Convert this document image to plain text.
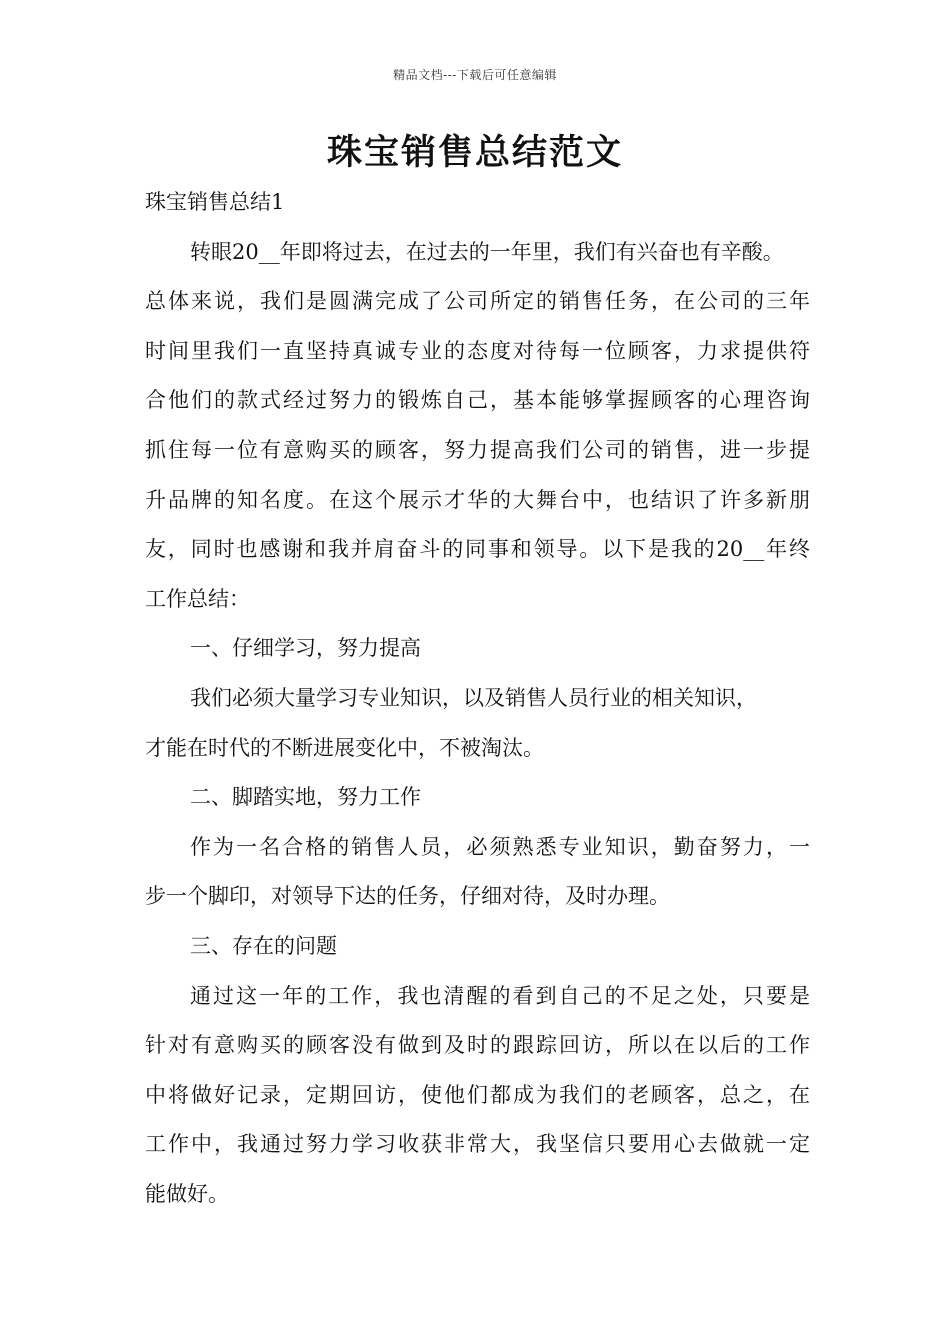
精品文档---下载后可任意编辑
珠宝销售总结范文
珠宝销售总结1
转眼20__年即将过去，在过去的一年里，我们有兴奋也有辛酸。
总体来说，我们是圆满完成了公司所定的销售任务，在公司的三年
时间里我们一直坚持真诚专业的态度对待每一位顾客，力求提供符
合他们的款式经过努力的锻炼自己，基本能够掌握顾客的心理咨询
抓住每一位有意购买的顾客，努力提高我们公司的销售，进一步提
升品牌的知名度。在这个展示才华的大舞台中，也结识了许多新朋
友，同时也感谢和我并肩奋斗的同事和领导。以下是我的20__年终
工作总结：
一、仔细学习，努力提高
我们必须大量学习专业知识，以及销售人员行业的相关知识，
才能在时代的不断进展变化中，不被淘汰。
二、脚踏实地，努力工作
作为一名合格的销售人员，必须熟悉专业知识，勤奋努力，一
步一个脚印，对领导下达的任务，仔细对待，及时办理。
三、存在的问题
通过这一年的工作，我也清醒的看到自己的不足之处，只要是
针对有意购买的顾客没有做到及时的跟踪回访，所以在以后的工作
中将做好记录，定期回访，使他们都成为我们的老顾客，总之，在
工作中，我通过努力学习收获非常大，我坚信只要用心去做就一定
能做好。
